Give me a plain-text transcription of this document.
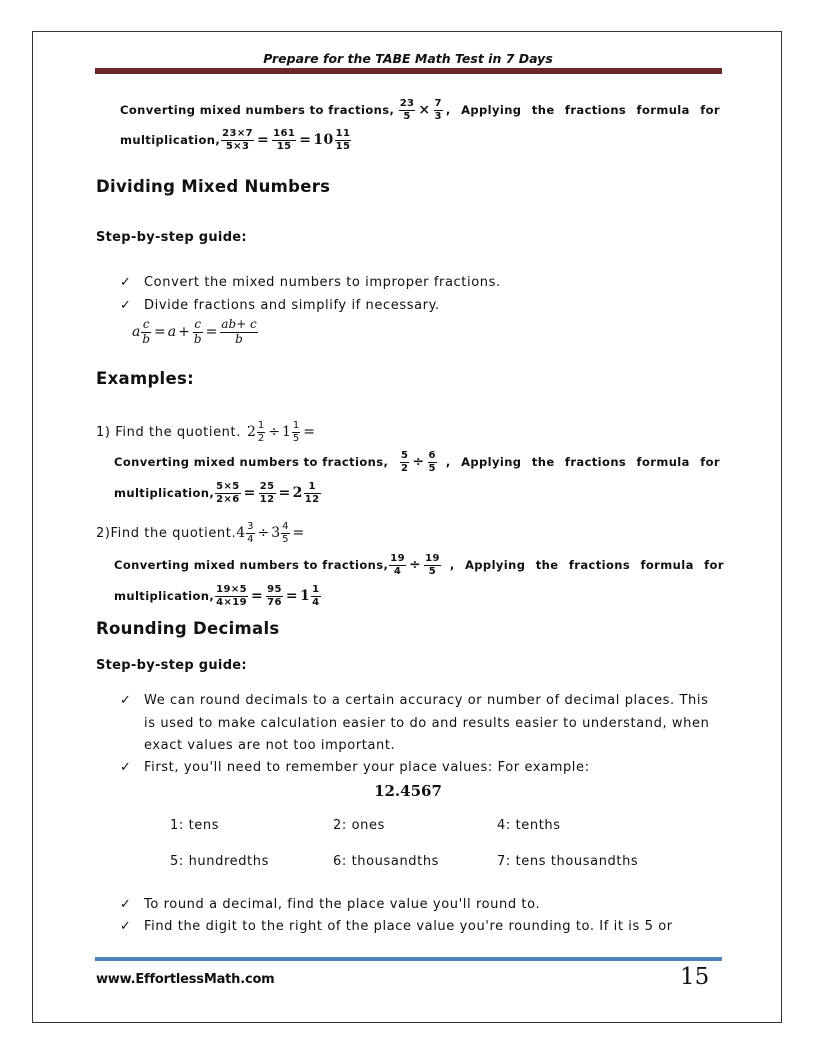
Prepare for the TABE Math Test in 7 Days
Converting mixed numbers to fractions, $\frac{23}{5} \times \frac{7}{3}$ , Applying the fractions formula for
multiplication, $\frac{23\times 7}{5\times 3} = \frac{161}{15} = 10 \frac{11}{15}$
Dividing Mixed Numbers
Step-by-step guide:
✓ Convert the mixed numbers to improper fractions.
✓ Divide fractions and simplify if necessary.
a $\frac{c}{b} = a + \frac{c}{b} = \frac{ab+ c}{b}$
Examples:
1) Find the quotient. $2 \frac{1}{2} \div 1 \frac{1}{5}$ =
Converting mixed numbers to fractions, $\frac{5}{2} \div \frac{6}{5}$ , Applying the fractions formula for
multiplication, $\frac{5\times 5}{2\times 6} = \frac{25}{12} = 2 \frac{1}{12}$
2)Find the quotient. $4 \frac{3}{4} \div 3 \frac{4}{5}$ =
Converting mixed numbers to fractions, $\frac{19}{4} \div \frac{19}{5}$ , Applying the fractions formula for
multiplication, $\frac{19\times 5}{4\times 19} = \frac{95}{76} = 1 \frac{1}{4}$
Rounding Decimals
Step-by-step guide:
✓ We can round decimals to a certain accuracy or number of decimal places. This
is used to make calculation easier to do and results easier to understand, when
exact values are not too important.
✓ First, you'll need to remember your place values: For example:
12.4567
1: tens	2: ones	4: tenths
5: hundredths	6: thousandths	7: tens thousandths
✓ To round a decimal, find the place value you'll round to.
✓ Find the digit to the right of the place value you're rounding to. If it is 5 or
www.EffortlessMath.com	15
